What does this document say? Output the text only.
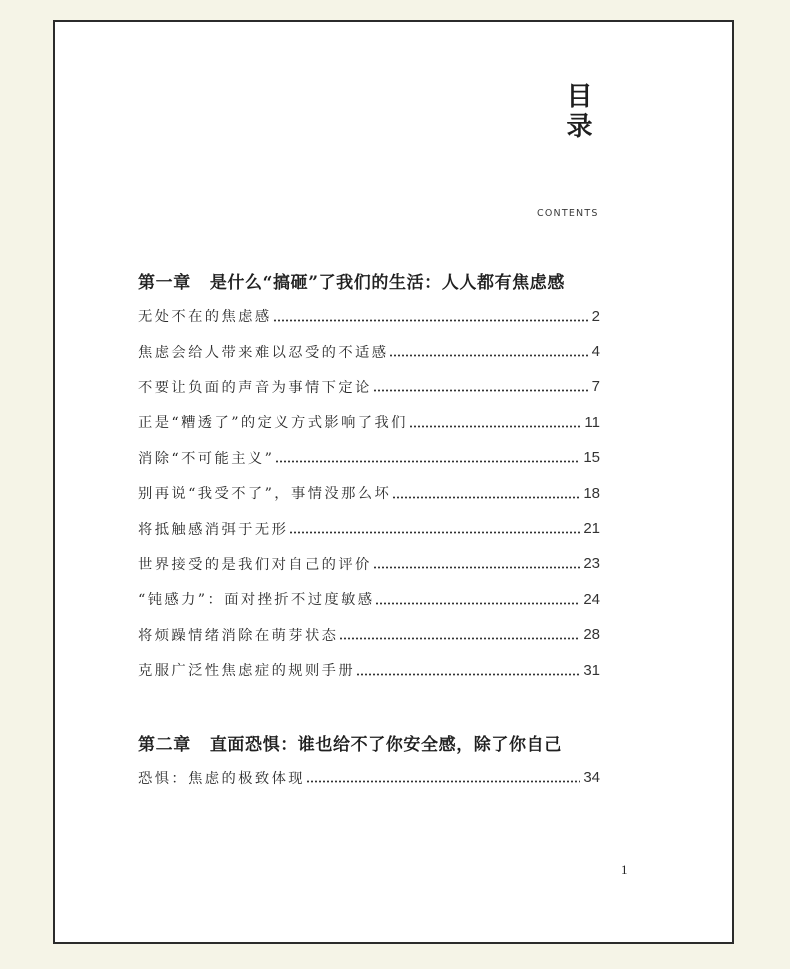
目录
CONTENTS
第一章 是什么“搞砸”了我们的生活：人人都有焦虑感
无处不在的焦虑感	2
焦虑会给人带来难以忍受的不适感	4
不要让负面的声音为事情下定论	7
正是“糟透了”的定义方式影响了我们	11
消除“不可能主义”	15
别再说“我受不了”，事情没那么坏	18
将抵触感消弭于无形	21
世界接受的是我们对自己的评价	23
“钝感力”：面对挫折不过度敏感	24
将烦躁情绪消除在萌芽状态	28
克服广泛性焦虑症的规则手册	31
第二章 直面恐惧：谁也给不了你安全感，除了你自己
恐惧：焦虑的极致体现	34
1
